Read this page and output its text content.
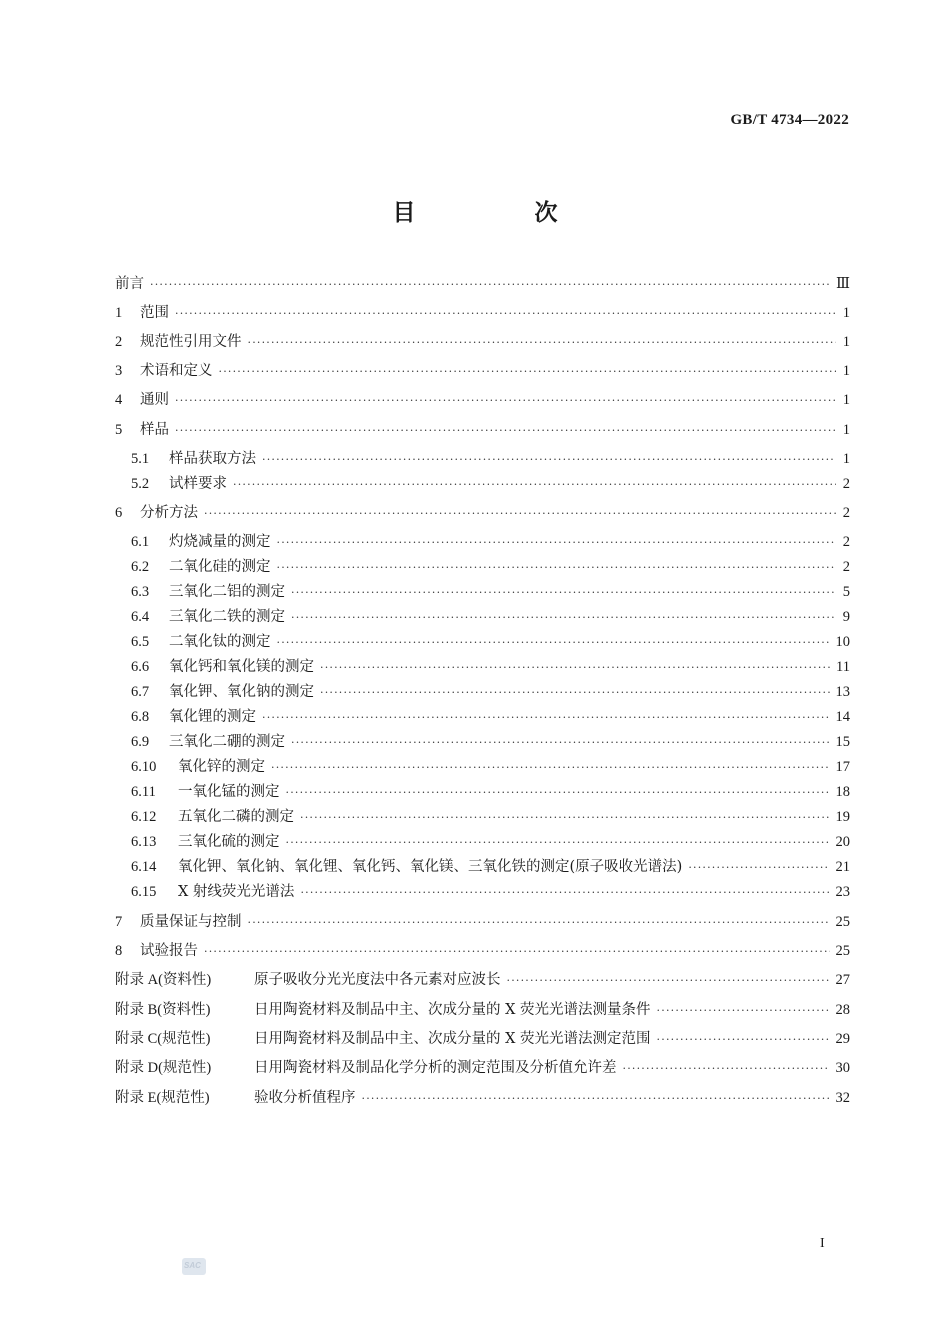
GB/T 4734—2022
目　次
前言 ·····	Ⅲ
1 范围 ·····	1
2 规范性引用文件 ·····	1
3 术语和定义 ·····	1
4 通则 ·····	1
5 样品 ·····	1
5.1 样品获取方法 ·····	1
5.2 试样要求 ·····	2
6 分析方法 ·····	2
6.1 灼烧减量的测定 ·····	2
6.2 二氧化硅的测定 ·····	2
6.3 三氧化二铝的测定 ·····	5
6.4 三氧化二铁的测定 ·····	9
6.5 二氧化钛的测定 ·····	10
6.6 氧化钙和氧化镁的测定 ·····	11
6.7 氧化钾、氧化钠的测定 ·····	13
6.8 氧化锂的测定 ·····	14
6.9 三氧化二硼的测定 ·····	15
6.10 氧化锌的测定 ·····	17
6.11 一氧化锰的测定 ·····	18
6.12 五氧化二磷的测定 ·····	19
6.13 三氧化硫的测定 ·····	20
6.14 氧化钾、氧化钠、氧化锂、氧化钙、氧化镁、三氧化铁的测定(原子吸收光谱法) ·····	21
6.15 X 射线荧光光谱法 ·····	23
7 质量保证与控制 ·····	25
8 试验报告 ·····	25
附录 A(资料性)	原子吸收分光光度法中各元素对应波长 ·····	27
附录 B(资料性)	日用陶瓷材料及制品中主、次成分量的 X 荧光光谱法测量条件 ·····	28
附录 C(规范性)	日用陶瓷材料及制品中主、次成分量的 X 荧光光谱法测定范围 ·····	29
附录 D(规范性)	日用陶瓷材料及制品化学分析的测定范围及分析值允许差 ·····	30
附录 E(规范性)	验收分析值程序 ·····	32
I
SAC
